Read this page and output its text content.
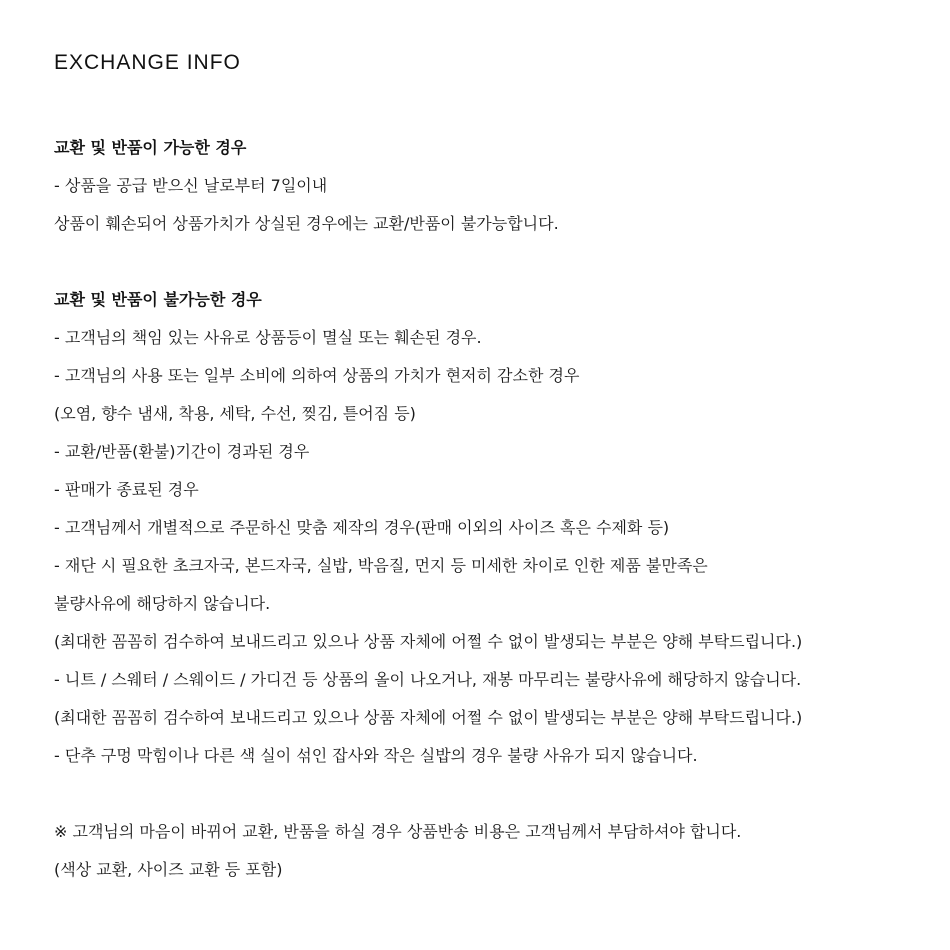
EXCHANGE INFO
교환 및 반품이 가능한 경우
- 상품을 공급 받으신 날로부터 7일이내
상품이 훼손되어 상품가치가 상실된 경우에는 교환/반품이 불가능합니다.
교환 및 반품이 불가능한 경우
- 고객님의 책임 있는 사유로 상품등이 멸실 또는 훼손된 경우.
- 고객님의 사용 또는 일부 소비에 의하여 상품의 가치가 현저히 감소한 경우
(오염, 향수 냄새, 착용, 세탁, 수선, 찢김, 튿어짐 등)
- 교환/반품(환불)기간이 경과된 경우
- 판매가 종료된 경우
- 고객님께서 개별적으로 주문하신 맞춤 제작의 경우(판매 이외의 사이즈 혹은 수제화 등)
- 재단 시 필요한 초크자국, 본드자국, 실밥, 박음질, 먼지 등 미세한 차이로 인한 제품 불만족은
불량사유에 해당하지 않습니다.
(최대한 꼼꼼히 검수하여 보내드리고 있으나 상품 자체에 어쩔 수 없이 발생되는 부분은 양해 부탁드립니다.)
- 니트 / 스웨터 / 스웨이드 / 가디건 등 상품의 올이 나오거나, 재봉 마무리는 불량사유에 해당하지 않습니다.
(최대한 꼼꼼히 검수하여 보내드리고 있으나 상품 자체에 어쩔 수 없이 발생되는 부분은 양해 부탁드립니다.)
- 단추 구멍 막힘이나 다른 색 실이 섞인 잡사와 작은 실밥의 경우 불량 사유가 되지 않습니다.
※ 고객님의 마음이 바뀌어 교환, 반품을 하실 경우 상품반송 비용은 고객님께서 부담하셔야 합니다.
(색상 교환, 사이즈 교환 등 포함)
